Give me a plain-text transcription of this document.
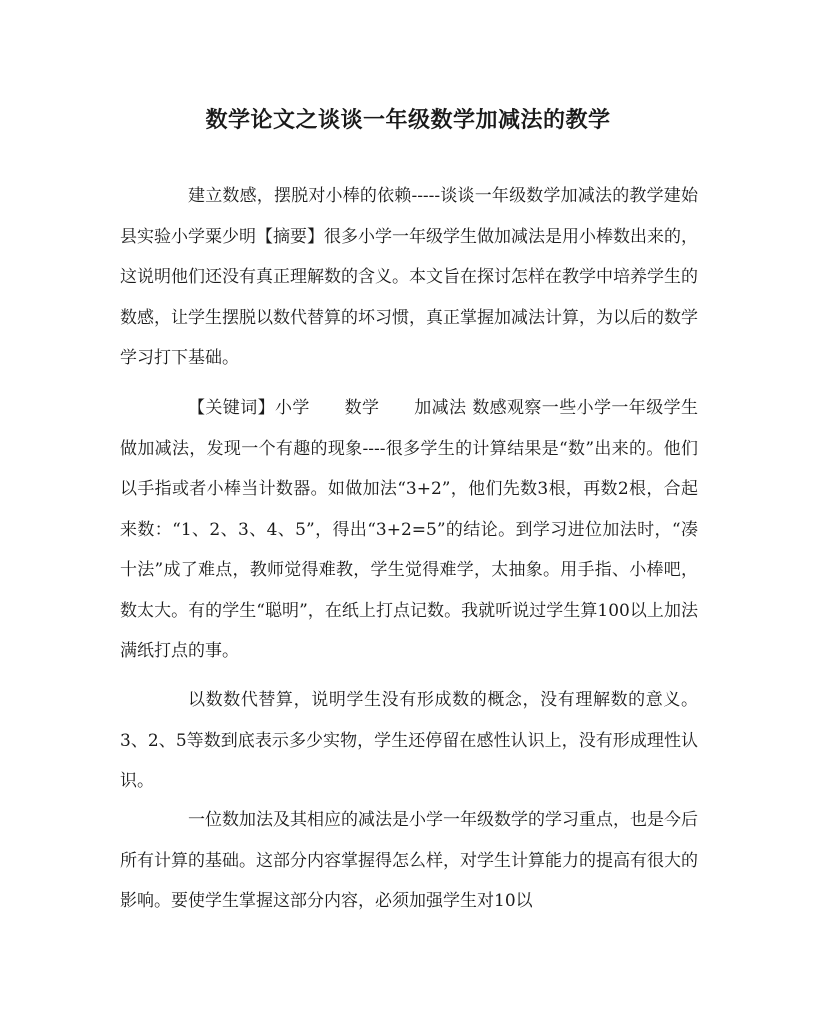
数学论文之谈谈一年级数学加减法的教学

建立数感，摆脱对小棒的依赖-----谈谈一年级数学加减法的教学建始县实验小学粟少明【摘要】很多小学一年级学生做加减法是用小棒数出来的，这说明他们还没有真正理解数的含义。本文旨在探讨怎样在教学中培养学生的数感，让学生摆脱以数代替算的坏习惯，真正掌握加减法计算，为以后的数学学习打下基础。

【关键词】小学　　数学　　加减法 数感观察一些小学一年级学生做加减法，发现一个有趣的现象----很多学生的计算结果是“数”出来的。他们以手指或者小棒当计数器。如做加法“3+2”，他们先数3根，再数2根，合起来数：“1、2、3、4、5”，得出“3+2=5”的结论。到学习进位加法时，“凑十法”成了难点，教师觉得难教，学生觉得难学，太抽象。用手指、小棒吧，数太大。有的学生“聪明”，在纸上打点记数。我就听说过学生算100以上加法满纸打点的事。

以数数代替算，说明学生没有形成数的概念，没有理解数的意义。3、2、5等数到底表示多少实物，学生还停留在感性认识上，没有形成理性认识。

一位数加法及其相应的减法是小学一年级数学的学习重点，也是今后所有计算的基础。这部分内容掌握得怎么样，对学生计算能力的提高有很大的影响。要使学生掌握这部分内容，必须加强学生对10以
